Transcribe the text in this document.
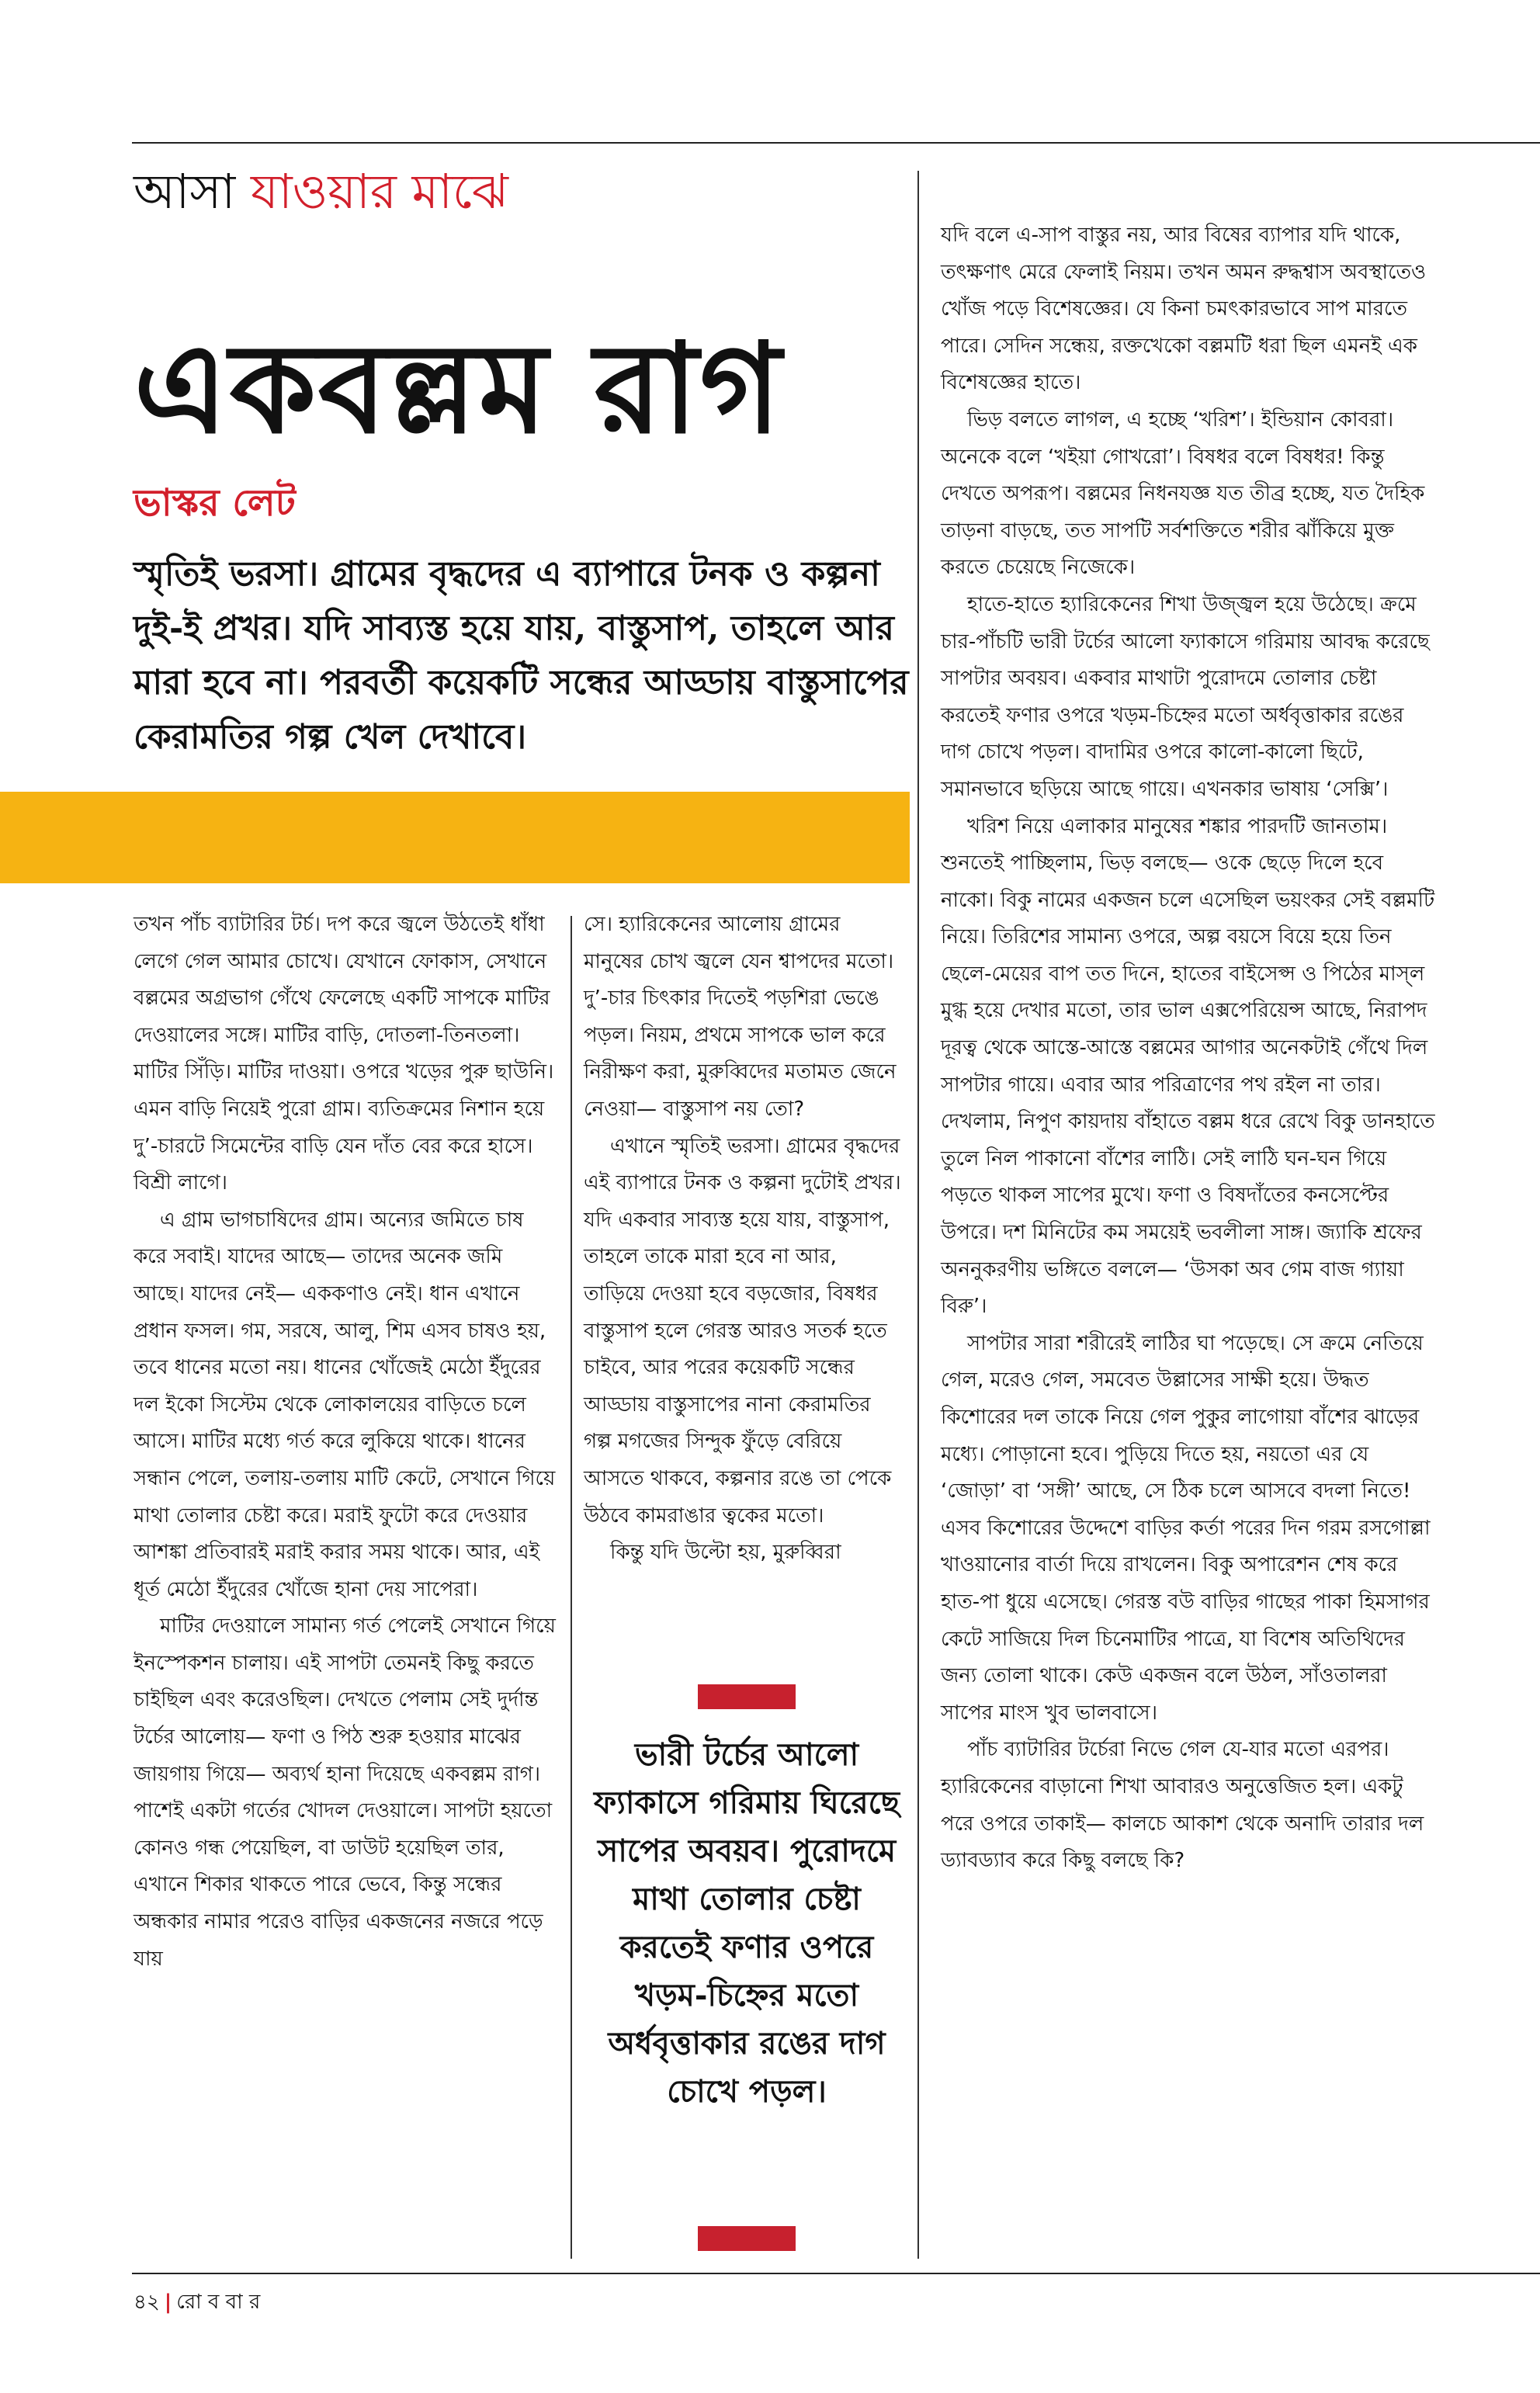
আসা যাওয়ার মাঝে
একবল্লম রাগ
ভাস্কর লেট
স্মৃতিই ভরসা। গ্রামের বৃদ্ধদের এ ব্যাপারে টনক ও কল্পনা দুই-ই প্রখর। যদি সাব্যস্ত হয়ে যায়, বাস্তুসাপ, তাহলে আর মারা হবে না। পরবর্তী কয়েকটি সন্ধের আড্ডায় বাস্তুসাপের কেরামতির গল্প খেল দেখাবে।

তখন পাঁচ ব্যাটারির টর্চ। দপ করে জ্বলে উঠতেই ধাঁধা লেগে গেল আমার চোখে। যেখানে ফোকাস, সেখানে বল্লমের অগ্রভাগ গেঁথে ফেলেছে একটি সাপকে মাটির দেওয়ালের সঙ্গে। মাটির বাড়ি, দোতলা-তিনতলা। মাটির সিঁড়ি। মাটির দাওয়া। ওপরে খড়ের পুরু ছাউনি। এমন বাড়ি নিয়েই পুরো গ্রাম। ব্যতিক্রমের নিশান হয়ে দু’-চারটে সিমেন্টের বাড়ি যেন দাঁত বের করে হাসে। বিশ্রী লাগে।

এ গ্রাম ভাগচাষিদের গ্রাম। অন্যের জমিতে চাষ করে সবাই। যাদের আছে— তাদের অনেক জমি আছে। যাদের নেই— এককণাও নেই। ধান এখানে প্রধান ফসল। গম, সরষে, আলু, শিম এসব চাষও হয়, তবে ধানের মতো নয়। ধানের খোঁজেই মেঠো ইঁদুরের দল ইকো সিস্টেম থেকে লোকালয়ের বাড়িতে চলে আসে। মাটির মধ্যে গর্ত করে লুকিয়ে থাকে। ধানের সন্ধান পেলে, তলায়-তলায় মাটি কেটে, সেখানে গিয়ে মাথা তোলার চেষ্টা করে। মরাই ফুটো করে দেওয়ার আশঙ্কা প্রতিবারই মরাই করার সময় থাকে। আর, এই ধূর্ত মেঠো ইঁদুরের খোঁজে হানা দেয় সাপেরা।

মাটির দেওয়ালে সামান্য গর্ত পেলেই সেখানে গিয়ে ইনস্পেকশন চালায়। এই সাপটা তেমনই কিছু করতে চাইছিল এবং করেওছিল। দেখতে পেলাম সেই দুর্দান্ত টর্চের আলোয়— ফণা ও পিঠ শুরু হওয়ার মাঝের জায়গায় গিয়ে— অব্যর্থ হানা দিয়েছে একবল্লম রাগ। পাশেই একটা গর্তের খোদল দেওয়ালে। সাপটা হয়তো কোনও গন্ধ পেয়েছিল, বা ডাউট হয়েছিল তার, এখানে শিকার থাকতে পারে ভেবে, কিন্তু সন্ধের অন্ধকার নামার পরেও বাড়ির একজনের নজরে পড়ে যায়

সে। হ্যারিকেনের আলোয় গ্রামের মানুষের চোখ জ্বলে যেন শ্বাপদের মতো। দু’-চার চিৎকার দিতেই পড়শিরা ভেঙে পড়ল। নিয়ম, প্রথমে সাপকে ভাল করে নিরীক্ষণ করা, মুরুব্বিদের মতামত জেনে নেওয়া— বাস্তুসাপ নয় তো?

এখানে স্মৃতিই ভরসা। গ্রামের বৃদ্ধদের এই ব্যাপারে টনক ও কল্পনা দুটোই প্রখর। যদি একবার সাব্যস্ত হয়ে যায়, বাস্তুসাপ, তাহলে তাকে মারা হবে না আর, তাড়িয়ে দেওয়া হবে বড়জোর, বিষধর বাস্তুসাপ হলে গেরস্ত আরও সতর্ক হতে চাইবে, আর পরের কয়েকটি সন্ধের আড্ডায় বাস্তুসাপের নানা কেরামতির গল্প মগজের সিন্দুক ফুঁড়ে বেরিয়ে আসতে থাকবে, কল্পনার রঙে তা পেকে উঠবে কামরাঙার ত্বকের মতো।

কিন্তু যদি উল্টো হয়, মুরুব্বিরা

ভারী টর্চের আলো ফ্যাকাসে গরিমায় ঘিরেছে সাপের অবয়ব। পুরোদমে মাথা তোলার চেষ্টা করতেই ফণার ওপরে খড়ম-চিহ্নের মতো অর্ধবৃত্তাকার রঙের দাগ চোখে পড়ল।

যদি বলে এ-সাপ বাস্তুর নয়, আর বিষের ব্যাপার যদি থাকে, তৎক্ষণাৎ মেরে ফেলাই নিয়ম। তখন অমন রুদ্ধশ্বাস অবস্থাতেও খোঁজ পড়ে বিশেষজ্ঞের। যে কিনা চমৎকারভাবে সাপ মারতে পারে। সেদিন সন্ধেয়, রক্তখেকো বল্লমটি ধরা ছিল এমনই এক বিশেষজ্ঞের হাতে।

ভিড় বলতে লাগল, এ হচ্ছে ‘খরিশ’। ইন্ডিয়ান কোবরা। অনেকে বলে ‘খইয়া গোখরো’। বিষধর বলে বিষধর! কিন্তু দেখতে অপরূপ। বল্লমের নিধনযজ্ঞ যত তীব্র হচ্ছে, যত দৈহিক তাড়না বাড়ছে, তত সাপটি সর্বশক্তিতে শরীর ঝাঁকিয়ে মুক্ত করতে চেয়েছে নিজেকে।

হাতে-হাতে হ্যারিকেনের শিখা উজ্জ্বল হয়ে উঠেছে। ক্রমে চার-পাঁচটি ভারী টর্চের আলো ফ্যাকাসে গরিমায় আবদ্ধ করেছে সাপটার অবয়ব। একবার মাথাটা পুরোদমে তোলার চেষ্টা করতেই ফণার ওপরে খড়ম-চিহ্নের মতো অর্ধবৃত্তাকার রঙের দাগ চোখে পড়ল। বাদামির ওপরে কালো-কালো ছিটে, সমানভাবে ছড়িয়ে আছে গায়ে। এখনকার ভাষায় ‘সেক্সি’।

খরিশ নিয়ে এলাকার মানুষের শঙ্কার পারদটি জানতাম। শুনতেই পাচ্ছিলাম, ভিড় বলছে— ওকে ছেড়ে দিলে হবে নাকো। বিকু নামের একজন চলে এসেছিল ভয়ংকর সেই বল্লমটি নিয়ে। তিরিশের সামান্য ওপরে, অল্প বয়সে বিয়ে হয়ে তিন ছেলে-মেয়ের বাপ তত দিনে, হাতের বাইসেপ্স ও পিঠের মাস্‌ল মুগ্ধ হয়ে দেখার মতো, তার ভাল এক্সপেরিয়েন্স আছে, নিরাপদ দূরত্ব থেকে আস্তে-আস্তে বল্লমের আগার অনেকটাই গেঁথে দিল সাপটার গায়ে। এবার আর পরিত্রাণের পথ রইল না তার। দেখলাম, নিপুণ কায়দায় বাঁহাতে বল্লম ধরে রেখে বিকু ডানহাতে তুলে নিল পাকানো বাঁশের লাঠি। সেই লাঠি ঘন-ঘন গিয়ে পড়তে থাকল সাপের মুখে। ফণা ও বিষদাঁতের কনসেপ্টের উপরে। দশ মিনিটের কম সময়েই ভবলীলা সাঙ্গ। জ্যাকি শ্রফের অননুকরণীয় ভঙ্গিতে বললে— ‘উসকা অব গেম বাজ গ্যায়া বিরু’।

সাপটার সারা শরীরেই লাঠির ঘা পড়েছে। সে ক্রমে নেতিয়ে গেল, মরেও গেল, সমবেত উল্লাসের সাক্ষী হয়ে। উদ্ধত কিশোরের দল তাকে নিয়ে গেল পুকুর লাগোয়া বাঁশের ঝাড়ের মধ্যে। পোড়ানো হবে। পুড়িয়ে দিতে হয়, নয়তো এর যে ‘জোড়া’ বা ‘সঙ্গী’ আছে, সে ঠিক চলে আসবে বদলা নিতে! এসব কিশোরের উদ্দেশে বাড়ির কর্তা পরের দিন গরম রসগোল্লা খাওয়ানোর বার্তা দিয়ে রাখলেন। বিকু অপারেশন শেষ করে হাত-পা ধুয়ে এসেছে। গেরস্ত বউ বাড়ির গাছের পাকা হিমসাগর কেটে সাজিয়ে দিল চিনেমাটির পাত্রে, যা বিশেষ অতিথিদের জন্য তোলা থাকে। কেউ একজন বলে উঠল, সাঁওতালরা সাপের মাংস খুব ভালবাসে।

পাঁচ ব্যাটারির টর্চেরা নিভে গেল যে-যার মতো এরপর। হ্যারিকেনের বাড়ানো শিখা আবারও অনুত্তেজিত হল। একটু পরে ওপরে তাকাই— কালচে আকাশ থেকে অনাদি তারার দল ড্যাবড্যাব করে কিছু বলছে কি?

৪২ | রো ব বা র
